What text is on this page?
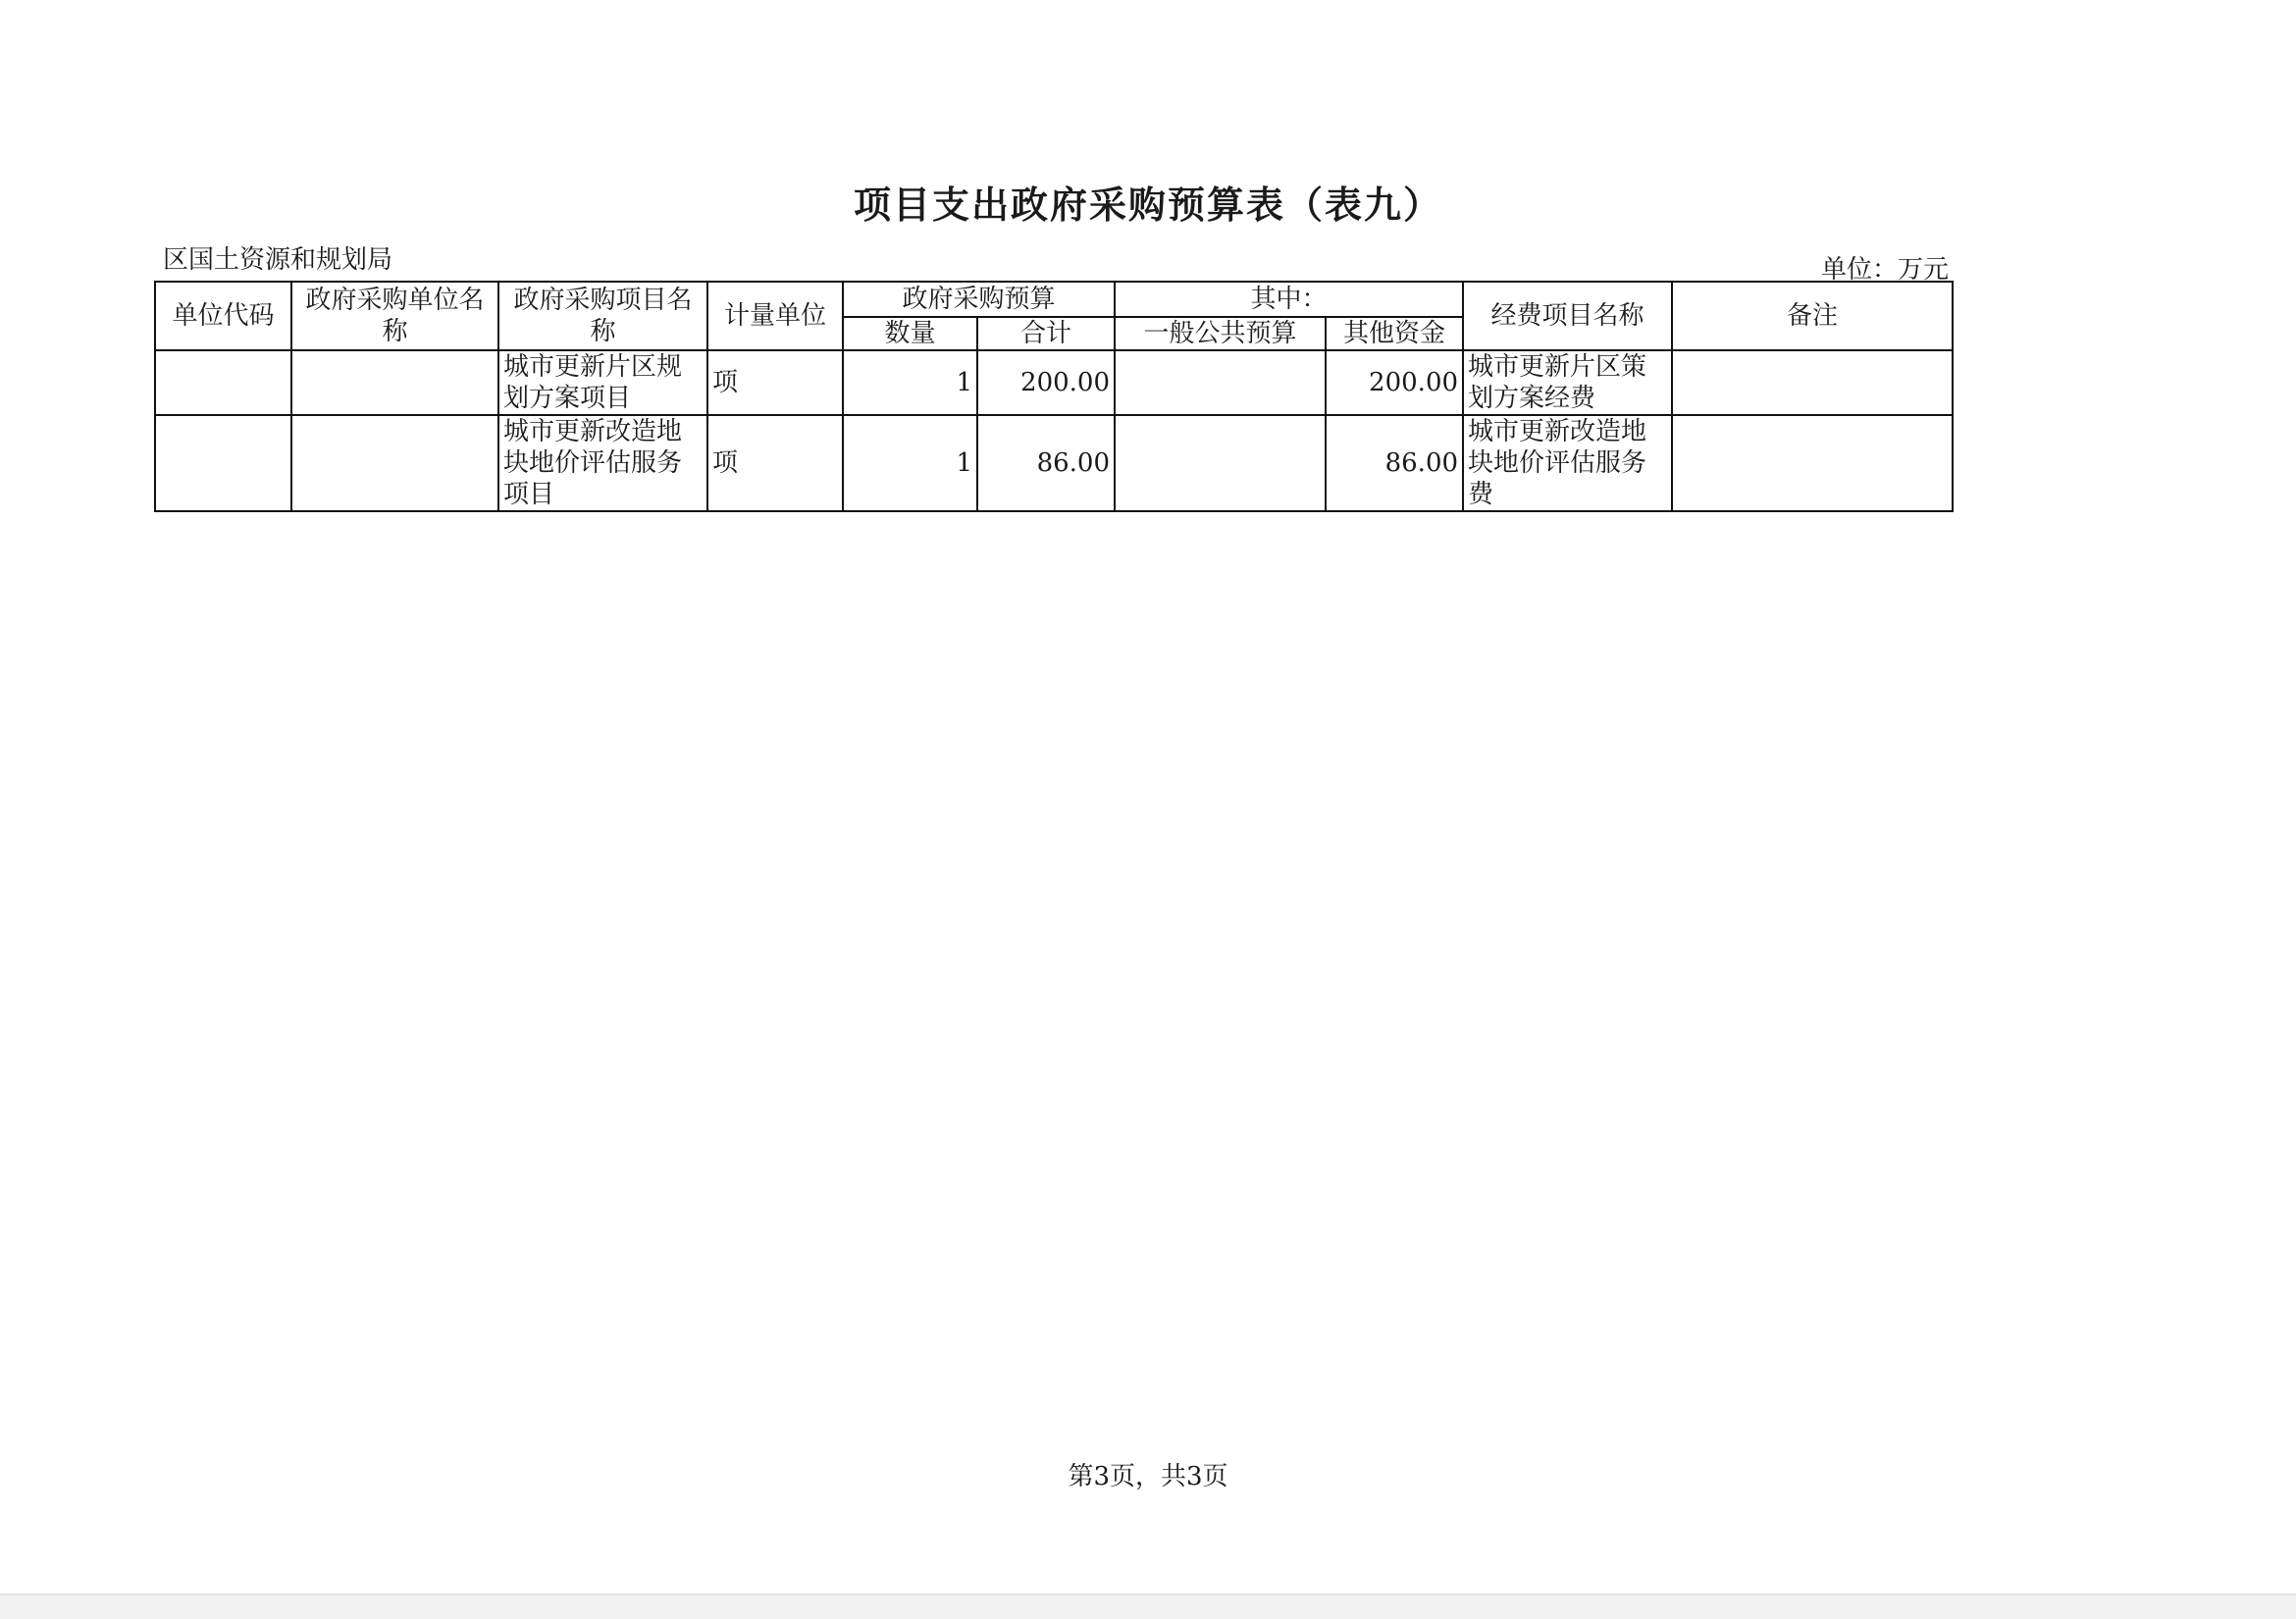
项目支出政府采购预算表（表九）
区国土资源和规划局	单位：万元
单位代码	政府采购单位名称	政府采购项目名称	计量单位	政府采购预算		其中：		经费项目名称	备注
				数量	合计	一般公共预算	其他资金		
		城市更新片区规划方案项目	项	1	200.00		200.00	城市更新片区策划方案经费	
		城市更新改造地块地价评估服务项目	项	1	86.00		86.00	城市更新改造地块地价评估服务费	
第3页，共3页
